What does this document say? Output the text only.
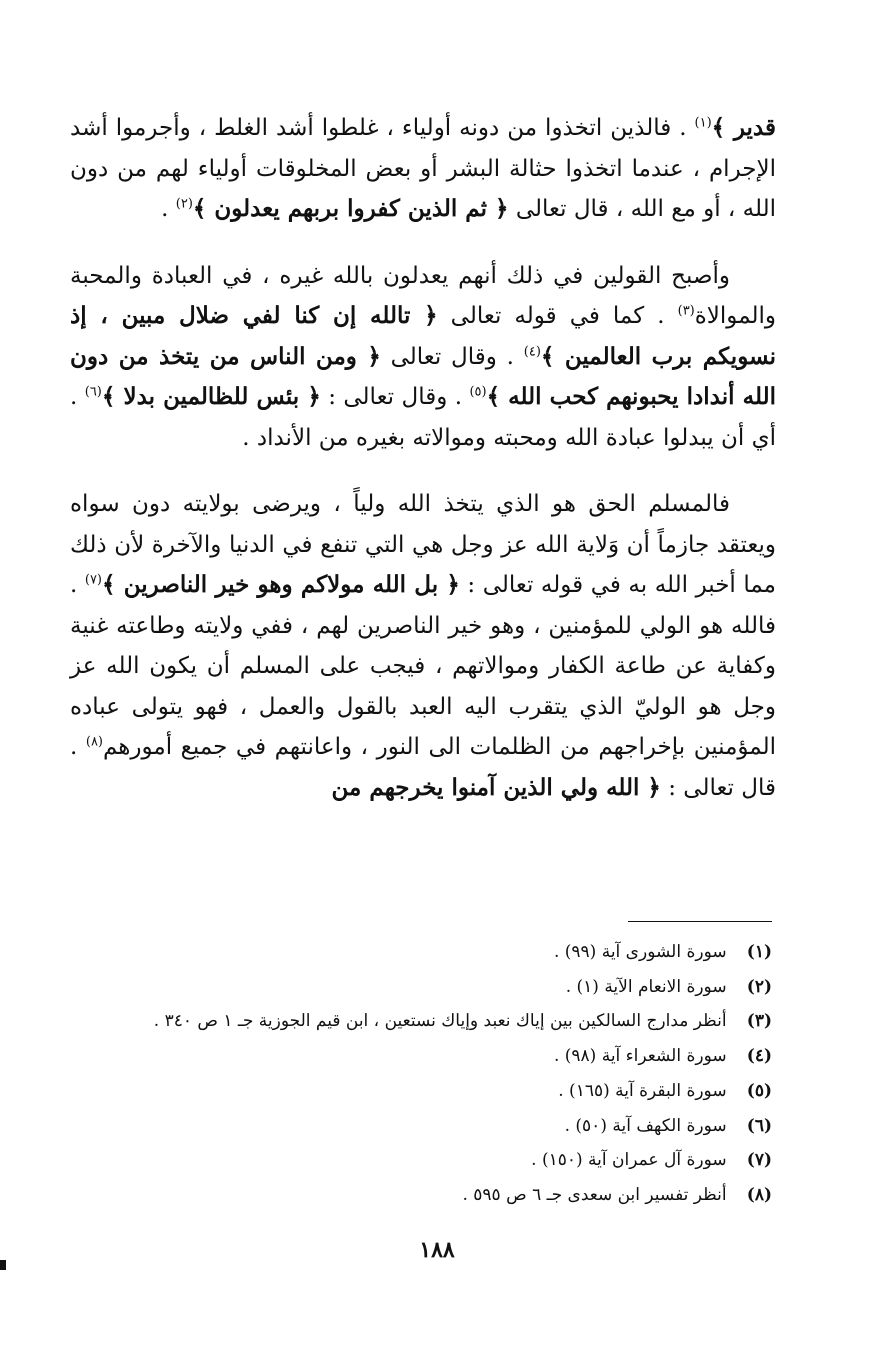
قدير ﴾$^{(١)}$ . فالذين اتخذوا من دونه أولياء ، غلطوا أشد الغلط ، وأجرموا أشد الإجرام ، عندما اتخذوا حثالة البشر أو بعض المخلوقات أولياء لهم من دون الله ، أو مع الله ، قال تعالى ﴿ ثم الذين كفروا بربهم يعدلون ﴾$^{(٢)}$ .

وأصبح القولين في ذلك أنهم يعدلون بالله غيره ، في العبادة والمحبة والموالاة$^{(٣)}$ . كما في قوله تعالى ﴿ تالله إن كنا لفي ضلال مبين ، إذ نسويكم برب العالمين ﴾$^{(٤)}$ . وقال تعالى ﴿ ومن الناس من يتخذ من دون الله أندادا يحبونهم كحب الله ﴾$^{(٥)}$ . وقال تعالى : ﴿ بئس للظالمين بدلا ﴾$^{(٦)}$ . أي أن يبدلوا عبادة الله ومحبته وموالاته بغيره من الأنداد .

فالمسلم الحق هو الذي يتخذ الله ولياً ، ويرضى بولايته دون سواه ويعتقد جازماً أن وَلاية الله عز وجل هي التي تنفع في الدنيا والآخرة لأن ذلك مما أخبر الله به في قوله تعالى : ﴿ بل الله مولاكم وهو خير الناصرين ﴾$^{(٧)}$ . فالله هو الولي للمؤمنين ، وهو خير الناصرين لهم ، ففي ولايته وطاعته غنية وكفاية عن طاعة الكفار وموالاتهم ، فيجب على المسلم أن يكون الله عز وجل هو الوليّ الذي يتقرب اليه العبد بالقول والعمل ، فهو يتولى عباده المؤمنين بإخراجهم من الظلمات الى النور ، واعانتهم في جميع أمورهم$^{(٨)}$ . قال تعالى : ﴿ الله ولي الذين آمنوا يخرجهم من

(١) سورة الشورى آية (٩٩) .
(٢) سورة الانعام الآية (١) .
(٣) أنظر مدارج السالكين بين إياك نعبد وإياك نستعين ، ابن قيم الجوزية جـ ١ ص ٣٤٠ .
(٤) سورة الشعراء آية (٩٨) .
(٥) سورة البقرة آية (١٦٥) .
(٦) سورة الكهف آية (٥٠) .
(٧) سورة آل عمران آية (١٥٠) .
(٨) أنظر تفسير ابن سعدى جـ ٦ ص ٥٩٥ .
١٨٨
